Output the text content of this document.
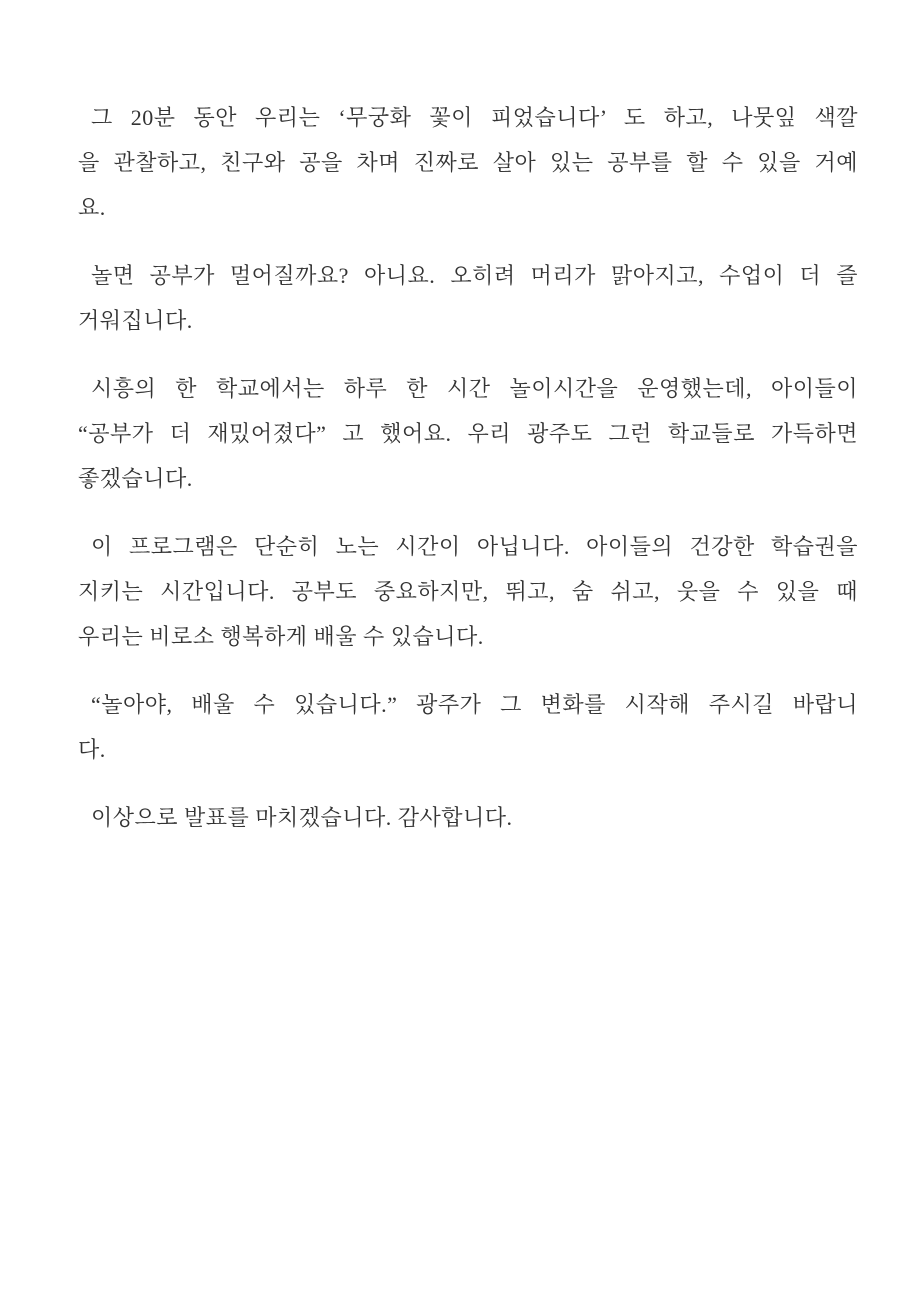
그 20분 동안 우리는 ‘무궁화 꽃이 피었습니다’ 도 하고, 나뭇잎 색깔
을 관찰하고, 친구와 공을 차며 진짜로 살아 있는 공부를 할 수 있을 거예
요.
놀면 공부가 멀어질까요? 아니요. 오히려 머리가 맑아지고, 수업이 더 즐
거워집니다.
시흥의 한 학교에서는 하루 한 시간 놀이시간을 운영했는데, 아이들이
“공부가 더 재밌어졌다” 고 했어요. 우리 광주도 그런 학교들로 가득하면
좋겠습니다.
이 프로그램은 단순히 노는 시간이 아닙니다. 아이들의 건강한 학습권을
지키는 시간입니다. 공부도 중요하지만, 뛰고, 숨 쉬고, 웃을 수 있을 때
우리는 비로소 행복하게 배울 수 있습니다.
“놀아야, 배울 수 있습니다.” 광주가 그 변화를 시작해 주시길 바랍니
다.
이상으로 발표를 마치겠습니다. 감사합니다.
